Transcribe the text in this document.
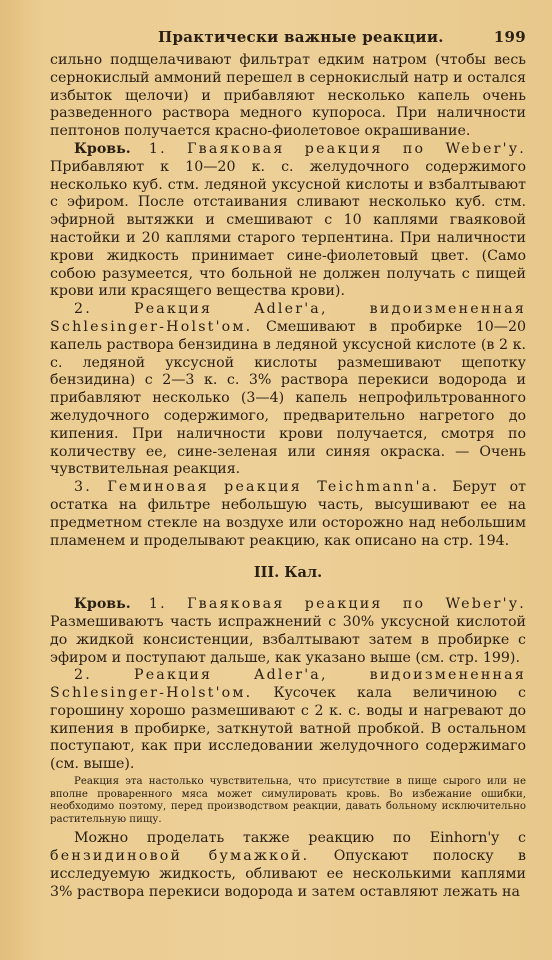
Практически важные реакции.	199

сильно подщелачивают фильтрат едким натром (чтобы весь сернокислый аммоний перешел в сернокислый натр и остался избыток щелочи) и прибавляют несколько капель очень разведенного раствора медного купороса. При наличности пептонов получается красно-фиолетовое окрашивание.

Кровь. 1. Гваяковая реакция по Weber'у. Прибавляют к 10—20 к. с. желудочного содержимого несколько куб. стм. ледяной уксусной кислоты и взбалтывают с эфиром. После отстаивания сливают несколько куб. стм. эфирной вытяжки и смешивают с 10 каплями гваяковой настойки и 20 каплями старого терпентина. При наличности крови жидкость принимает сине-фиолетовый цвет. (Само собою разумеется, что больной не должен получать с пищей крови или красящего вещества крови).

2. Реакция Adler'a, видоизмененная Schlesinger-Holst'ом. Смешивают в пробирке 10—20 капель раствора бензидина в ледяной уксусной кислоте (в 2 к. с. ледяной уксусной кислоты размешивают щепотку бензидина) с 2—3 к. с. 3% раствора перекиси водорода и прибавляют несколько (3—4) капель непрофильтрованного желудочного содержимого, предварительно нагретого до кипения. При наличности крови получается, смотря по количеству ее, сине-зеленая или синяя окраска. — Очень чувствительная реакция.

3. Геминовая реакция Teichmann'a. Берут от остатка на фильтре небольшую часть, высушивают ее на предметном стекле на воздухе или осторожно над небольшим пламенем и проделывают реакцию, как описано на стр. 194.

III. Кал.

Кровь. 1. Гваяковая реакция по Weber'у. Размешиваютъ часть испражнений с 30% уксусной кислотой до жидкой консистенции, взбалтывают затем в пробирке с эфиром и поступают дальше, как указано выше (см. стр. 199).

2. Реакция Adler'a, видоизмененная Schlesinger-Holst'ом. Кусочек кала величиною с горошину хорошо размешивают с 2 к. с. воды и нагревают до кипения в пробирке, заткнутой ватной пробкой. В остальном поступают, как при исследовании желудочного содержимаго (см. выше).

Реакция эта настолько чувствительна, что присутствие в пище сырого или не вполне проваренного мяса может симулировать кровь. Во избежание ошибки, необходимо поэтому, перед производством реакции, давать больному исключительно растительную пищу.

Можно проделать также реакцию по Einhorn'y с бензидиновой бумажкой. Опускают полоску в исследуемую жидкость, обливают ее несколькими каплями 3% раствора перекиси водорода и затем оставляют лежать на
